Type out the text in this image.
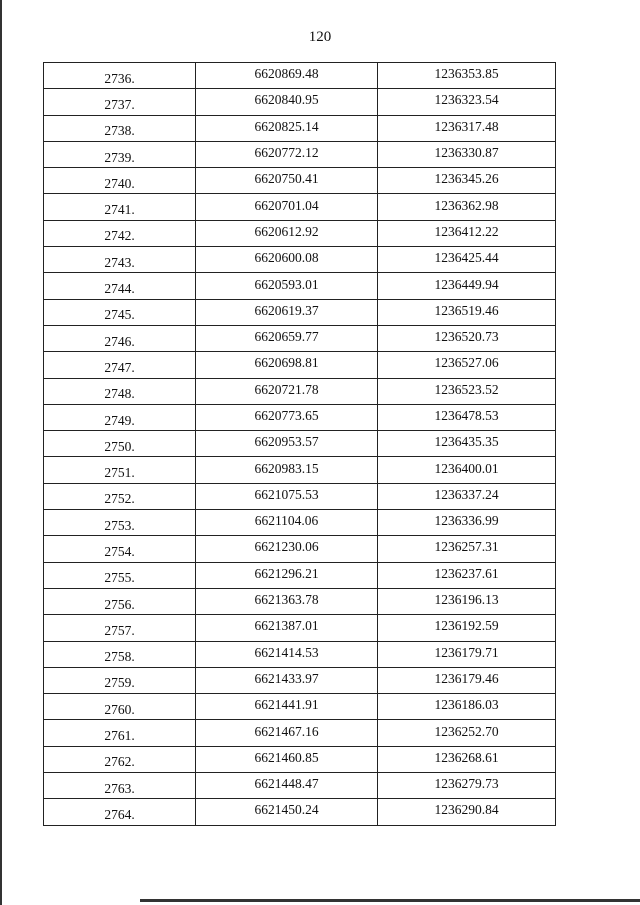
120
2736.	6620869.48	1236353.85
2737.	6620840.95	1236323.54
2738.	6620825.14	1236317.48
2739.	6620772.12	1236330.87
2740.	6620750.41	1236345.26
2741.	6620701.04	1236362.98
2742.	6620612.92	1236412.22
2743.	6620600.08	1236425.44
2744.	6620593.01	1236449.94
2745.	6620619.37	1236519.46
2746.	6620659.77	1236520.73
2747.	6620698.81	1236527.06
2748.	6620721.78	1236523.52
2749.	6620773.65	1236478.53
2750.	6620953.57	1236435.35
2751.	6620983.15	1236400.01
2752.	6621075.53	1236337.24
2753.	6621104.06	1236336.99
2754.	6621230.06	1236257.31
2755.	6621296.21	1236237.61
2756.	6621363.78	1236196.13
2757.	6621387.01	1236192.59
2758.	6621414.53	1236179.71
2759.	6621433.97	1236179.46
2760.	6621441.91	1236186.03
2761.	6621467.16	1236252.70
2762.	6621460.85	1236268.61
2763.	6621448.47	1236279.73
2764.	6621450.24	1236290.84
